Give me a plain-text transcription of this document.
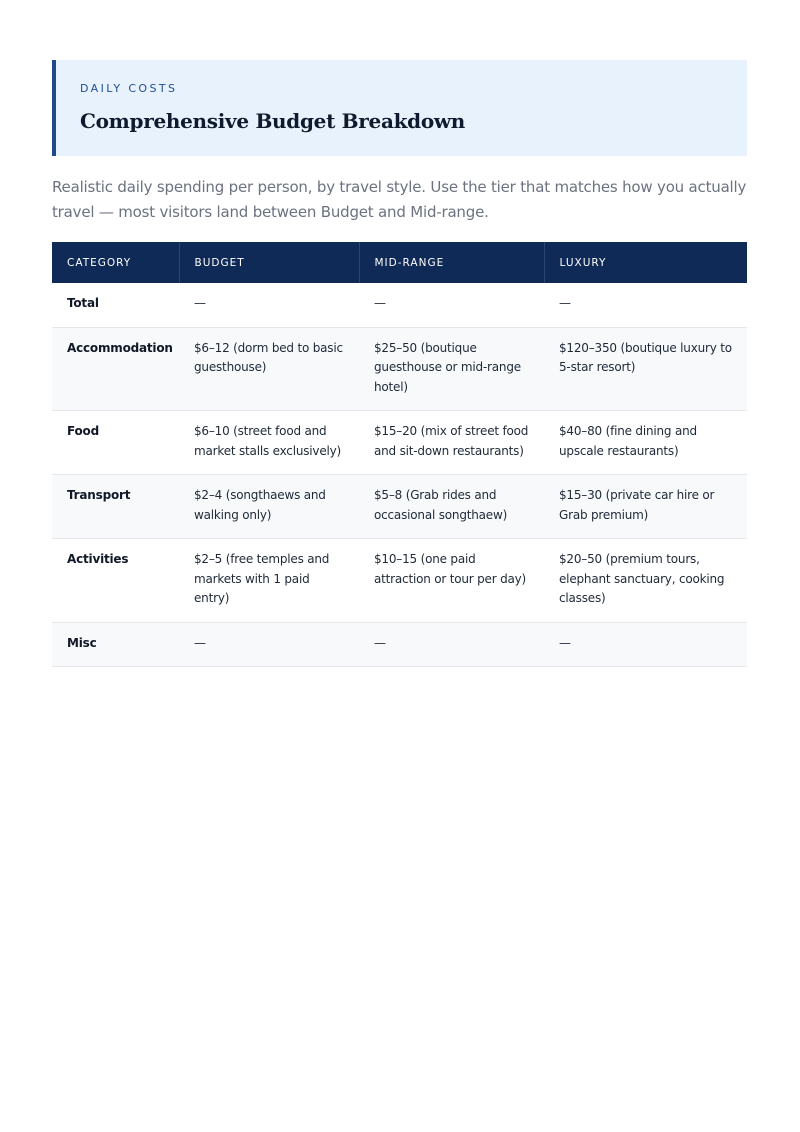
DAILY COSTS
Comprehensive Budget Breakdown
Realistic daily spending per person, by travel style. Use the tier that matches how you actually travel — most visitors land between Budget and Mid-range.
CATEGORY	BUDGET	MID-RANGE	LUXURY
Total	—	—	—
Accommodation	$6–12 (dorm bed to basic guesthouse)	$25–50 (boutique guesthouse or mid-range hotel)	$120–350 (boutique luxury to 5-star resort)
Food	$6–10 (street food and market stalls exclusively)	$15–20 (mix of street food and sit-down restaurants)	$40–80 (fine dining and upscale restaurants)
Transport	$2–4 (songthaews and walking only)	$5–8 (Grab rides and occasional songthaew)	$15–30 (private car hire or Grab premium)
Activities	$2–5 (free temples and markets with 1 paid entry)	$10–15 (one paid attraction or tour per day)	$20–50 (premium tours, elephant sanctuary, cooking classes)
Misc	—	—	—
